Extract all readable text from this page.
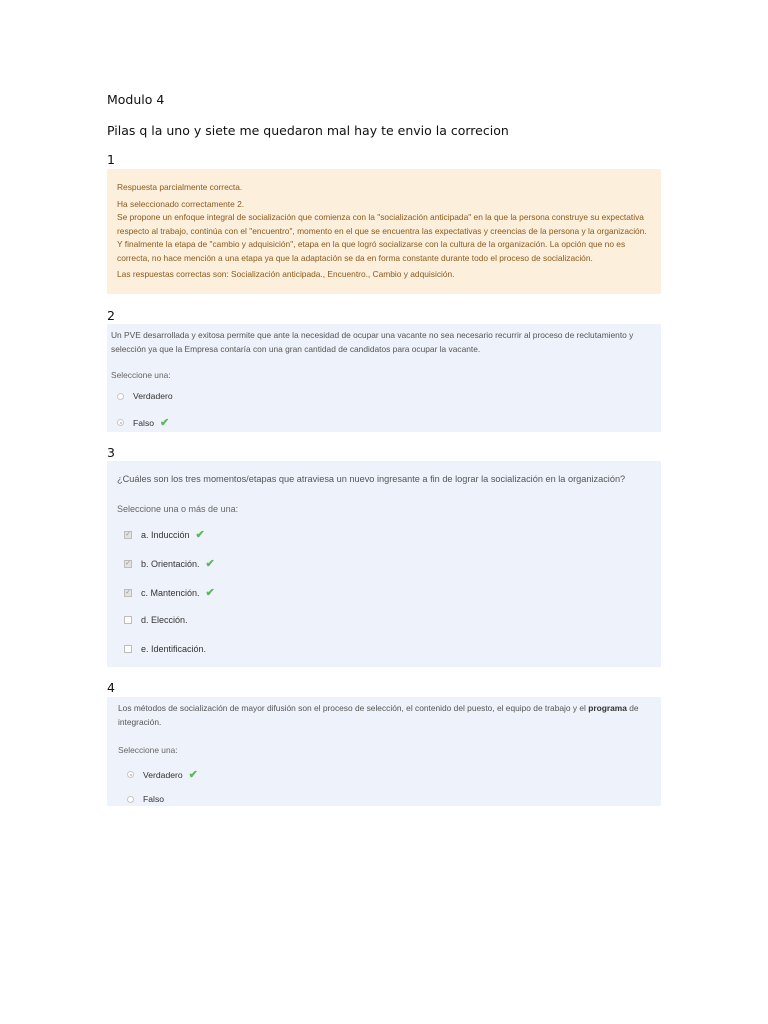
Modulo 4
Pilas q la uno y siete me quedaron mal hay te envio la correcion
1

Respuesta parcialmente correcta.

Ha seleccionado correctamente 2.

Se propone un enfoque integral de socialización que comienza con la "socialización anticipada" en la que la persona construye su expectativa respecto al trabajo, continúa con el "encuentro", momento en el que se encuentra las expectativas y creencias de la persona y la organización. Y finalmente la etapa de "cambio y adquisición", etapa en la que logró socializarse con la cultura de la organización. La opción que no es correcta, no hace mención a una etapa ya que la adaptación se da en forma constante durante todo el proceso de socialización.

Las respuestas correctas son: Socialización anticipada., Encuentro., Cambio y adquisición.

2
Un PVE desarrollada y exitosa permite que ante la necesidad de ocupar una vacante no sea necesario recurrir al proceso de reclutamiento y selección ya que la Empresa contaría con una gran cantidad de candidatos para ocupar la vacante.
Seleccione una:
Verdadero
Falso ✔
3
¿Cuáles son los tres momentos/etapas que atraviesa un nuevo ingresante a fin de lograr la socialización en la organización?
Seleccione una o más de una:
✓ a. Inducción ✔
✓ b. Orientación. ✔
✓ c. Mantención. ✔
d. Elección.
e. Identificación.
4
Los métodos de socialización de mayor difusión son el proceso de selección, el contenido del puesto, el equipo de trabajo y el programa de integración.
Seleccione una:
Verdadero ✔
Falso
